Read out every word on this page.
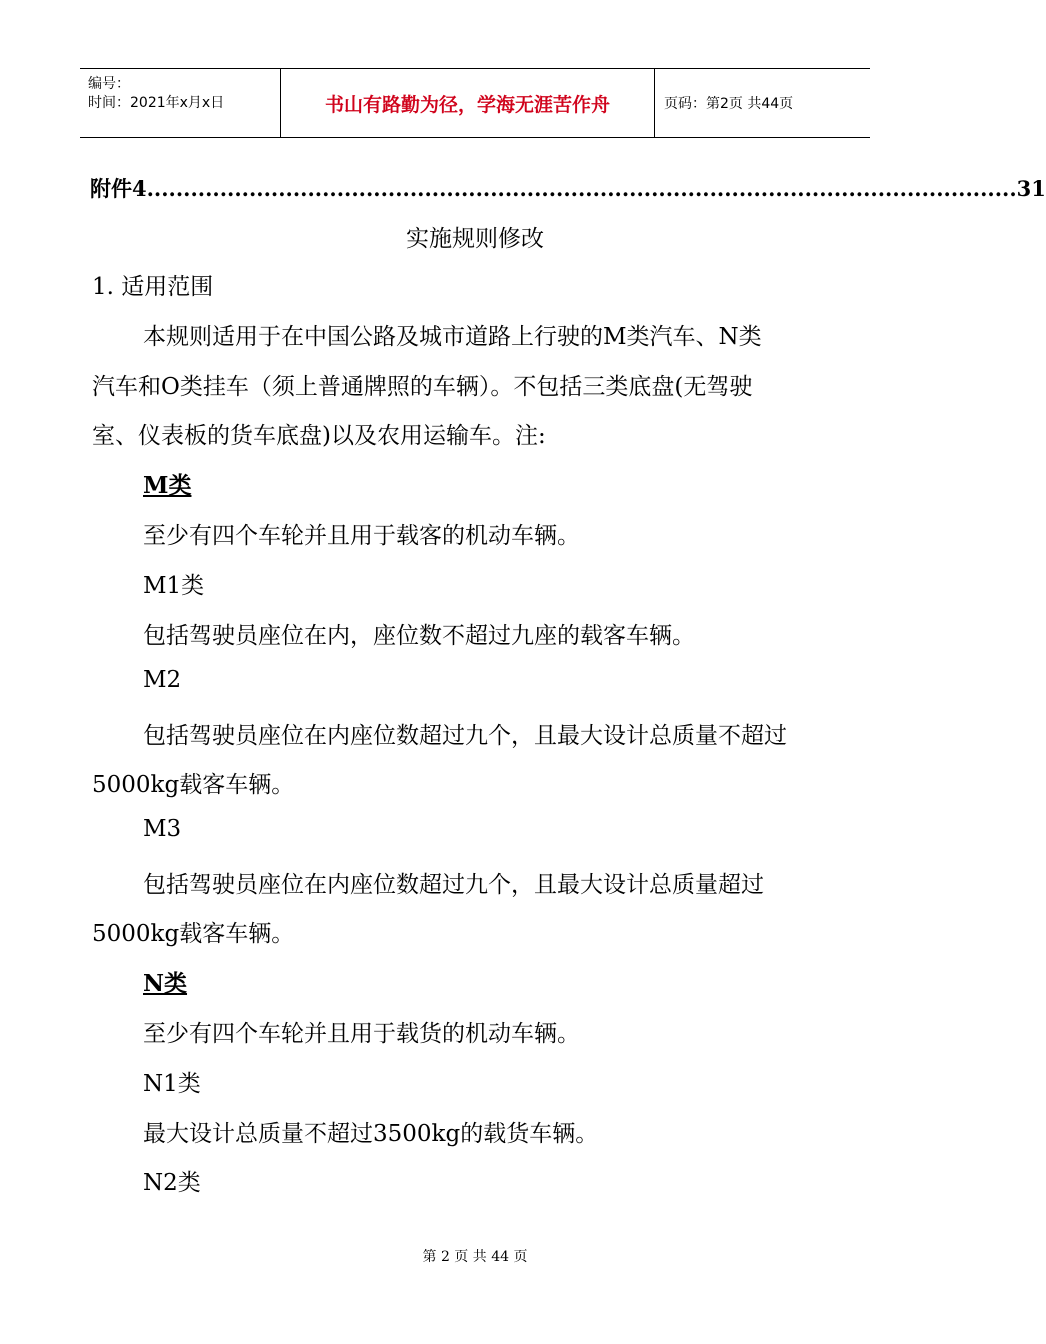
编号：
时间：2021年x月x日	书山有路勤为径，学海无涯苦作舟	页码：第2页 共44页
附件4.......................................................................................................................31
实施规则修改
1. 适用范围
本规则适用于在中国公路及城市道路上行驶的M类汽车、N类
汽车和O类挂车（须上普通牌照的车辆）。不包括三类底盘(无驾驶
室、仪表板的货车底盘)以及农用运输车。注:
M类
至少有四个车轮并且用于载客的机动车辆。
M1类
包括驾驶员座位在内，座位数不超过九座的载客车辆。
M2
包括驾驶员座位在内座位数超过九个，且最大设计总质量不超过
5000kg载客车辆。
M3
包括驾驶员座位在内座位数超过九个，且最大设计总质量超过
5000kg载客车辆。
N类
至少有四个车轮并且用于载货的机动车辆。
N1类
最大设计总质量不超过3500kg的载货车辆。
N2类
第 2 页 共 44 页
